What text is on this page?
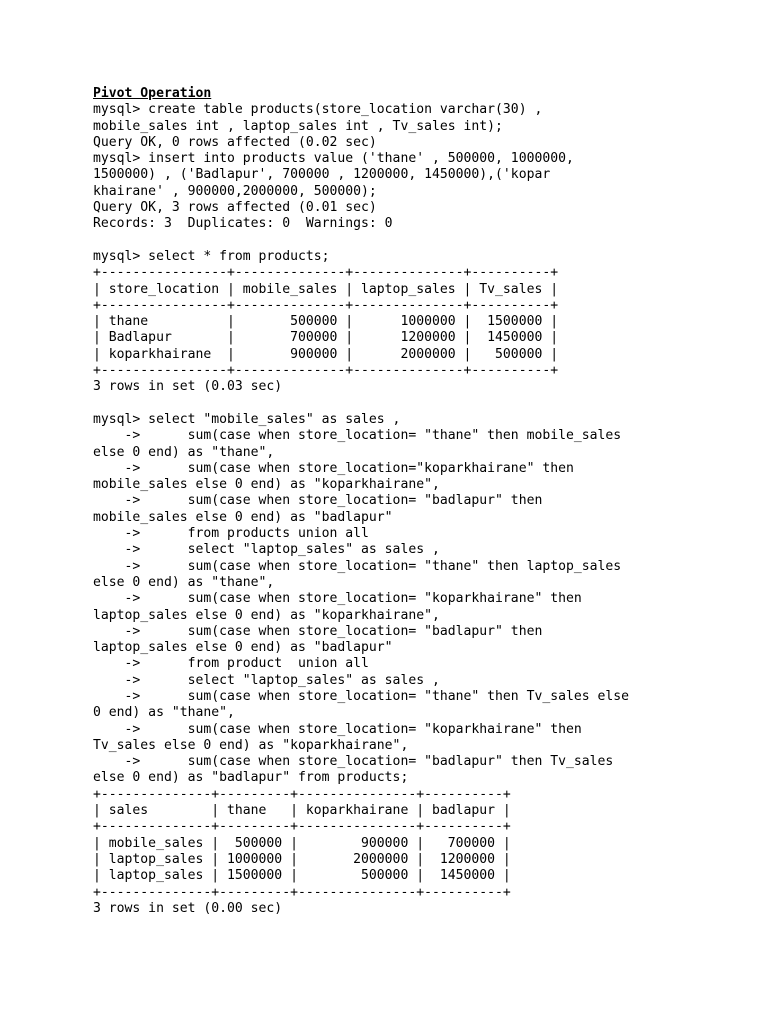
Pivot Operation
mysql> create table products(store_location varchar(30) ,
mobile_sales int , laptop_sales int , Tv_sales int);
Query OK, 0 rows affected (0.02 sec)
mysql> insert into products value ('thane' , 500000, 1000000,
1500000) , ('Badlapur', 700000 , 1200000, 1450000),('kopar
khairane' , 900000,2000000, 500000);
Query OK, 3 rows affected (0.01 sec)
Records: 3  Duplicates: 0  Warnings: 0
mysql> select * from products;
+----------------+--------------+--------------+----------+
| store_location | mobile_sales | laptop_sales | Tv_sales |
+----------------+--------------+--------------+----------+
| thane          |       500000 |      1000000 |  1500000 |
| Badlapur       |       700000 |      1200000 |  1450000 |
| koparkhairane  |       900000 |      2000000 |   500000 |
+----------------+--------------+--------------+----------+
3 rows in set (0.03 sec)
mysql> select "mobile_sales" as sales ,
->      sum(case when store_location= "thane" then mobile_sales
else 0 end) as "thane",
->      sum(case when store_location="koparkhairane" then
mobile_sales else 0 end) as "koparkhairane",
->      sum(case when store_location= "badlapur" then
mobile_sales else 0 end) as "badlapur"
->      from products union all
->      select "laptop_sales" as sales ,
->      sum(case when store_location= "thane" then laptop_sales
else 0 end) as "thane",
->      sum(case when store_location= "koparkhairane" then
laptop_sales else 0 end) as "koparkhairane",
->      sum(case when store_location= "badlapur" then
laptop_sales else 0 end) as "badlapur"
->      from product  union all
->      select "laptop_sales" as sales ,
->      sum(case when store_location= "thane" then Tv_sales else
0 end) as "thane",
->      sum(case when store_location= "koparkhairane" then
Tv_sales else 0 end) as "koparkhairane",
->      sum(case when store_location= "badlapur" then Tv_sales
else 0 end) as "badlapur" from products;
+--------------+---------+---------------+----------+
| sales        | thane   | koparkhairane | badlapur |
+--------------+---------+---------------+----------+
| mobile_sales |  500000 |        900000 |   700000 |
| laptop_sales | 1000000 |       2000000 |  1200000 |
| laptop_sales | 1500000 |        500000 |  1450000 |
+--------------+---------+---------------+----------+
3 rows in set (0.00 sec)
